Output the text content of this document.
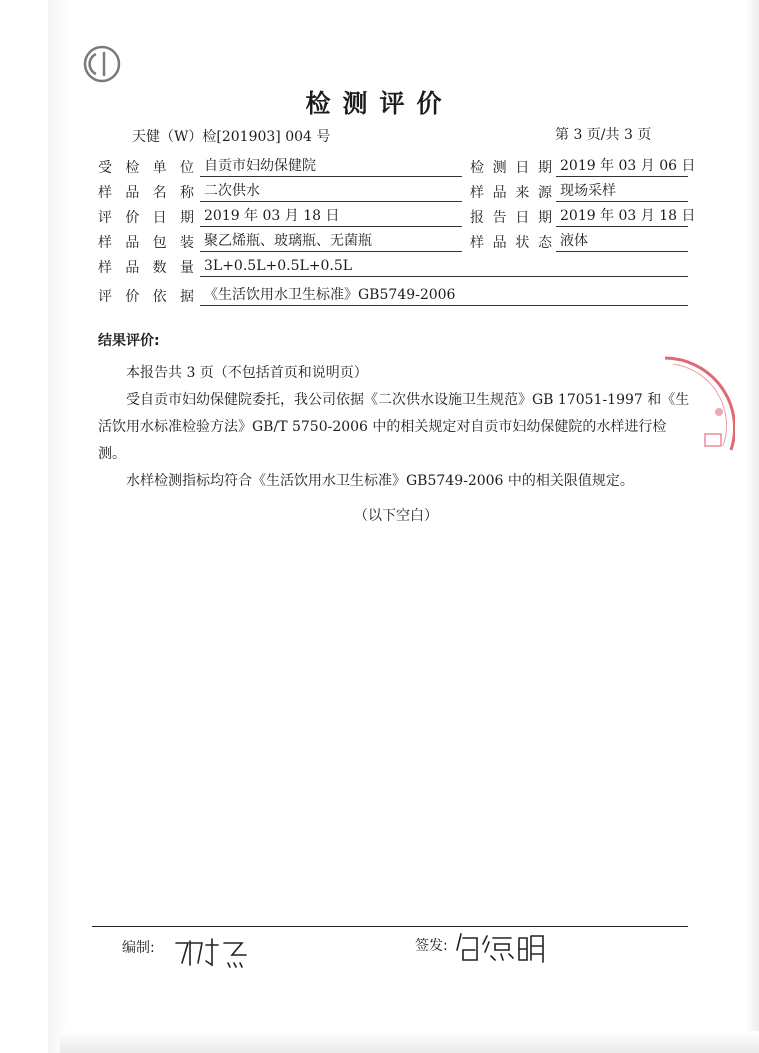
检测评价
天健（W）检[201903] 004 号	第 3 页/共 3 页
受 检 单 位 自贡市妇幼保健院	检 测 日 期 2019 年 03 月 06 日
样 品 名 称 二次供水	样 品 来 源 现场采样
评 价 日 期 2019 年 03 月 18 日	报 告 日 期 2019 年 03 月 18 日
样 品 包 装 聚乙烯瓶、玻璃瓶、无菌瓶	样 品 状 态 液体
样 品 数 量 3L+0.5L+0.5L+0.5L
评 价 依 据 《生活饮用水卫生标准》GB5749-2006
结果评价:

本报告共 3 页（不包括首页和说明页）

受自贡市妇幼保健院委托，我公司依据《二次供水设施卫生规范》GB 17051-1997 和《生活饮用水标准检验方法》GB/T 5750-2006 中的相关规定对自贡市妇幼保健院的水样进行检测。

水样检测指标均符合《生活饮用水卫生标准》GB5749-2006 中的相关限值规定。

（以下空白）
编制:	签发:
